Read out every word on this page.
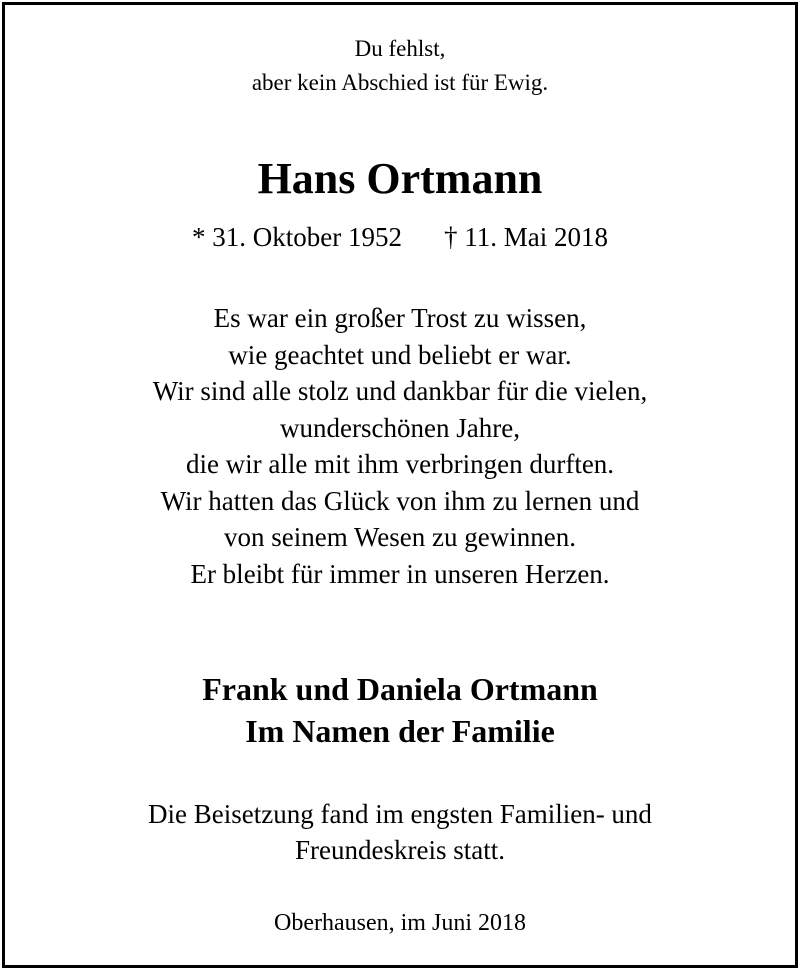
Du fehlst,
aber kein Abschied ist für Ewig.
Hans Ortmann
* 31. Oktober 1952 † 11. Mai 2018
Es war ein großer Trost zu wissen,
wie geachtet und beliebt er war.
Wir sind alle stolz und dankbar für die vielen,
wunderschönen Jahre,
die wir alle mit ihm verbringen durften.
Wir hatten das Glück von ihm zu lernen und
von seinem Wesen zu gewinnen.
Er bleibt für immer in unseren Herzen.
Frank und Daniela Ortmann
Im Namen der Familie
Die Beisetzung fand im engsten Familien- und
Freundeskreis statt.
Oberhausen, im Juni 2018
